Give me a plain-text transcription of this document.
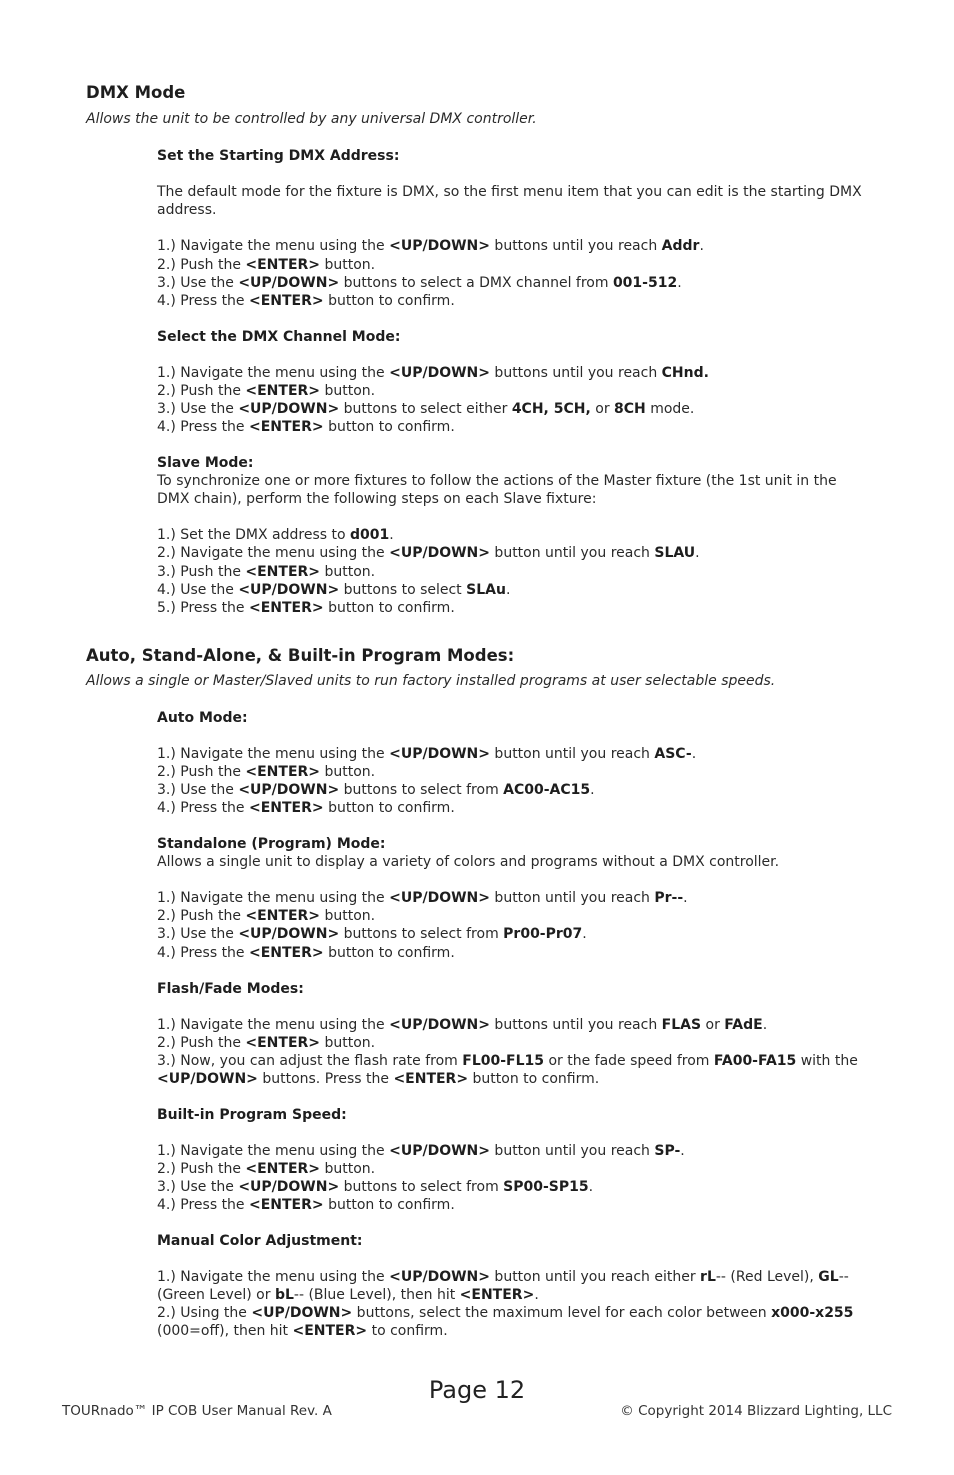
DMX Mode
Allows the unit to be controlled by any universal DMX controller.
Set the Starting DMX Address:
The default mode for the fixture is DMX, so the first menu item that you can edit is the starting DMX address.
1.) Navigate the menu using the <UP/DOWN> buttons until you reach Addr.
2.) Push the <ENTER> button.
3.) Use the <UP/DOWN> buttons to select a DMX channel from 001-512.
4.) Press the <ENTER> button to confirm.
Select the DMX Channel Mode:
1.) Navigate the menu using the <UP/DOWN> buttons until you reach CHnd.
2.) Push the <ENTER> button.
3.) Use the <UP/DOWN> buttons to select either 4CH, 5CH, or 8CH mode.
4.) Press the <ENTER> button to confirm.
Slave Mode:
To synchronize one or more fixtures to follow the actions of the Master fixture (the 1st unit in the DMX chain), perform the following steps on each Slave fixture:
1.) Set the DMX address to d001.
2.) Navigate the menu using the <UP/DOWN> button until you reach SLAU.
3.) Push the <ENTER> button.
4.) Use the <UP/DOWN> buttons to select SLAu.
5.) Press the <ENTER> button to confirm.
Auto, Stand-Alone, & Built-in Program Modes:
Allows a single or Master/Slaved units to run factory installed programs at user selectable speeds.
Auto Mode:
1.) Navigate the menu using the <UP/DOWN> button until you reach ASC-.
2.) Push the <ENTER> button.
3.) Use the <UP/DOWN> buttons to select from AC00-AC15.
4.) Press the <ENTER> button to confirm.
Standalone (Program) Mode:
Allows a single unit to display a variety of colors and programs without a DMX controller.
1.) Navigate the menu using the <UP/DOWN> button until you reach Pr--.
2.) Push the <ENTER> button.
3.) Use the <UP/DOWN> buttons to select from Pr00-Pr07.
4.) Press the <ENTER> button to confirm.
Flash/Fade Modes:
1.) Navigate the menu using the <UP/DOWN> buttons until you reach FLAS or FAdE.
2.) Push the <ENTER> button.
3.) Now, you can adjust the flash rate from FL00-FL15 or the fade speed from FA00-FA15 with the <UP/DOWN> buttons. Press the <ENTER> button to confirm.
Built-in Program Speed:
1.) Navigate the menu using the <UP/DOWN> button until you reach SP-.
2.) Push the <ENTER> button.
3.) Use the <UP/DOWN> buttons to select from SP00-SP15.
4.) Press the <ENTER> button to confirm.
Manual Color Adjustment:
1.) Navigate the menu using the <UP/DOWN> button until you reach either rL-- (Red Level), GL-- (Green Level) or bL-- (Blue Level), then hit <ENTER>.
2.) Using the <UP/DOWN> buttons, select the maximum level for each color between x000-x255 (000=off), then hit <ENTER> to confirm.
Page 12
TOURnado™ IP COB User Manual Rev. A	© Copyright 2014 Blizzard Lighting, LLC
